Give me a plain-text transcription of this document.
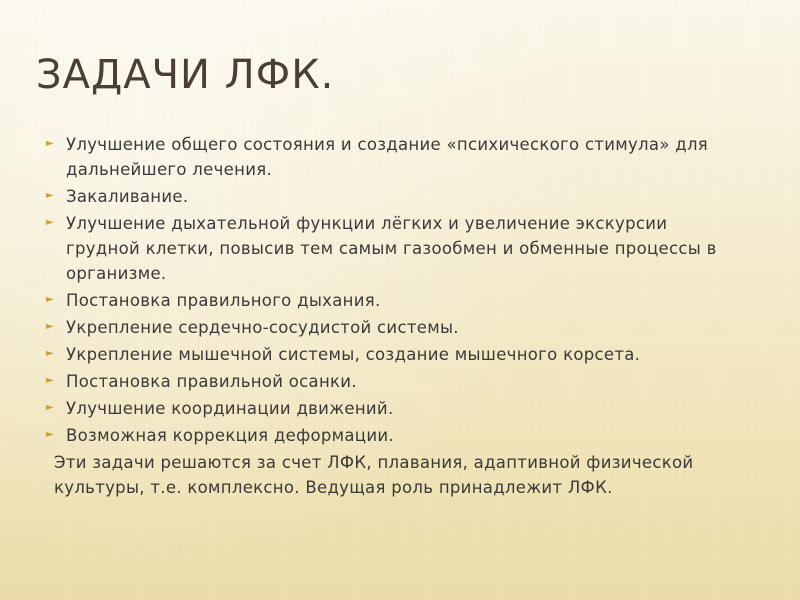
ЗАДАЧИ ЛФК.
► Улучшение общего состояния и создание «психического стимула» для дальнейшего лечения.
► Закаливание.
► Улучшение дыхательной функции лёгких и увеличение экскурсии грудной клетки, повысив тем самым газообмен и обменные процессы в организме.
► Постановка правильного дыхания.
► Укрепление сердечно-сосудистой системы.
► Укрепление мышечной системы, создание мышечного корсета.
► Постановка правильной осанки.
► Улучшение координации движений.
► Возможная коррекция деформации.
Эти задачи решаются за счет ЛФК, плавания, адаптивной физической культуры, т.е. комплексно. Ведущая роль принадлежит ЛФК.
